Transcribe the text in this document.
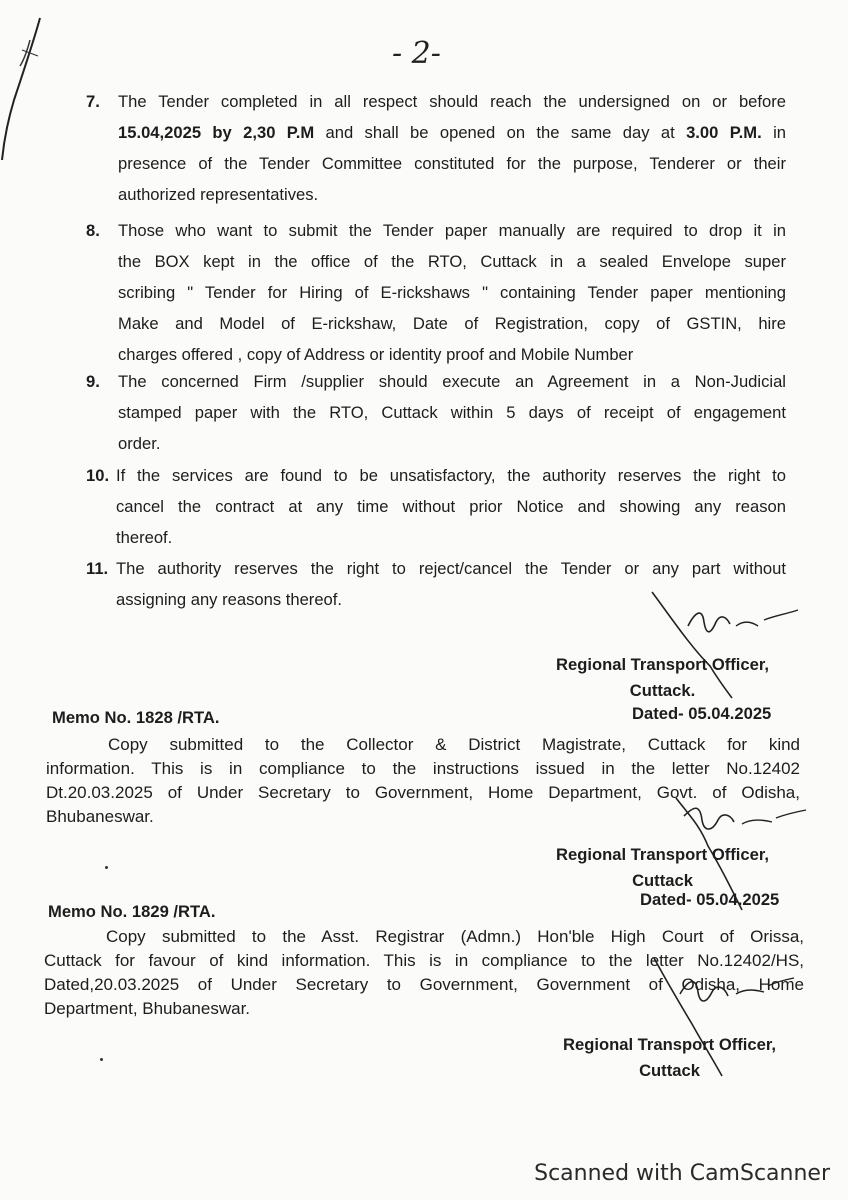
- 2-
7. The Tender completed in all respect should reach the undersigned on or before
15.04,2025 by 2,30 P.M and shall be opened on the same day at 3.00 P.M. in
presence of the Tender Committee constituted for the purpose, Tenderer or their
authorized representatives.
8. Those who want to submit the Tender paper manually are required to drop it in
the BOX kept in the office of the RTO, Cuttack in a sealed Envelope super
scribing " Tender for Hiring of E-rickshaws " containing Tender paper mentioning
Make and Model of E-rickshaw, Date of Registration, copy of GSTIN, hire
charges offered , copy of Address or identity proof and Mobile Number
9. The concerned Firm /supplier should execute an Agreement in a Non-Judicial
stamped paper with the RTO, Cuttack within 5 days of receipt of engagement
order.
10. If the services are found to be unsatisfactory, the authority reserves the right to
cancel the contract at any time without prior Notice and showing any reason
thereof.
11. The authority reserves the right to reject/cancel the Tender or any part without
assigning any reasons thereof.
Regional Transport Officer,
Cuttack.
Memo No. 1828 /RTA.	Dated- 05.04.2025
Copy submitted to the Collector & District Magistrate, Cuttack for kind
information. This is in compliance to the instructions issued in the letter No.12402
Dt.20.03.2025 of Under Secretary to Government, Home Department, Govt. of Odisha,
Bhubaneswar.
Regional Transport Officer,
Cuttack
Memo No. 1829 /RTA.
Dated- 05.04.2025
Copy submitted to the Asst. Registrar (Admn.) Hon'ble High Court of Orissa,
Cuttack for favour of kind information. This is in compliance to the letter No.12402/HS,
Dated,20.03.2025 of Under Secretary to Government, Government of Odisha, Home
Department, Bhubaneswar.
Regional Transport Officer,
Cuttack
Scanned with CamScanner
